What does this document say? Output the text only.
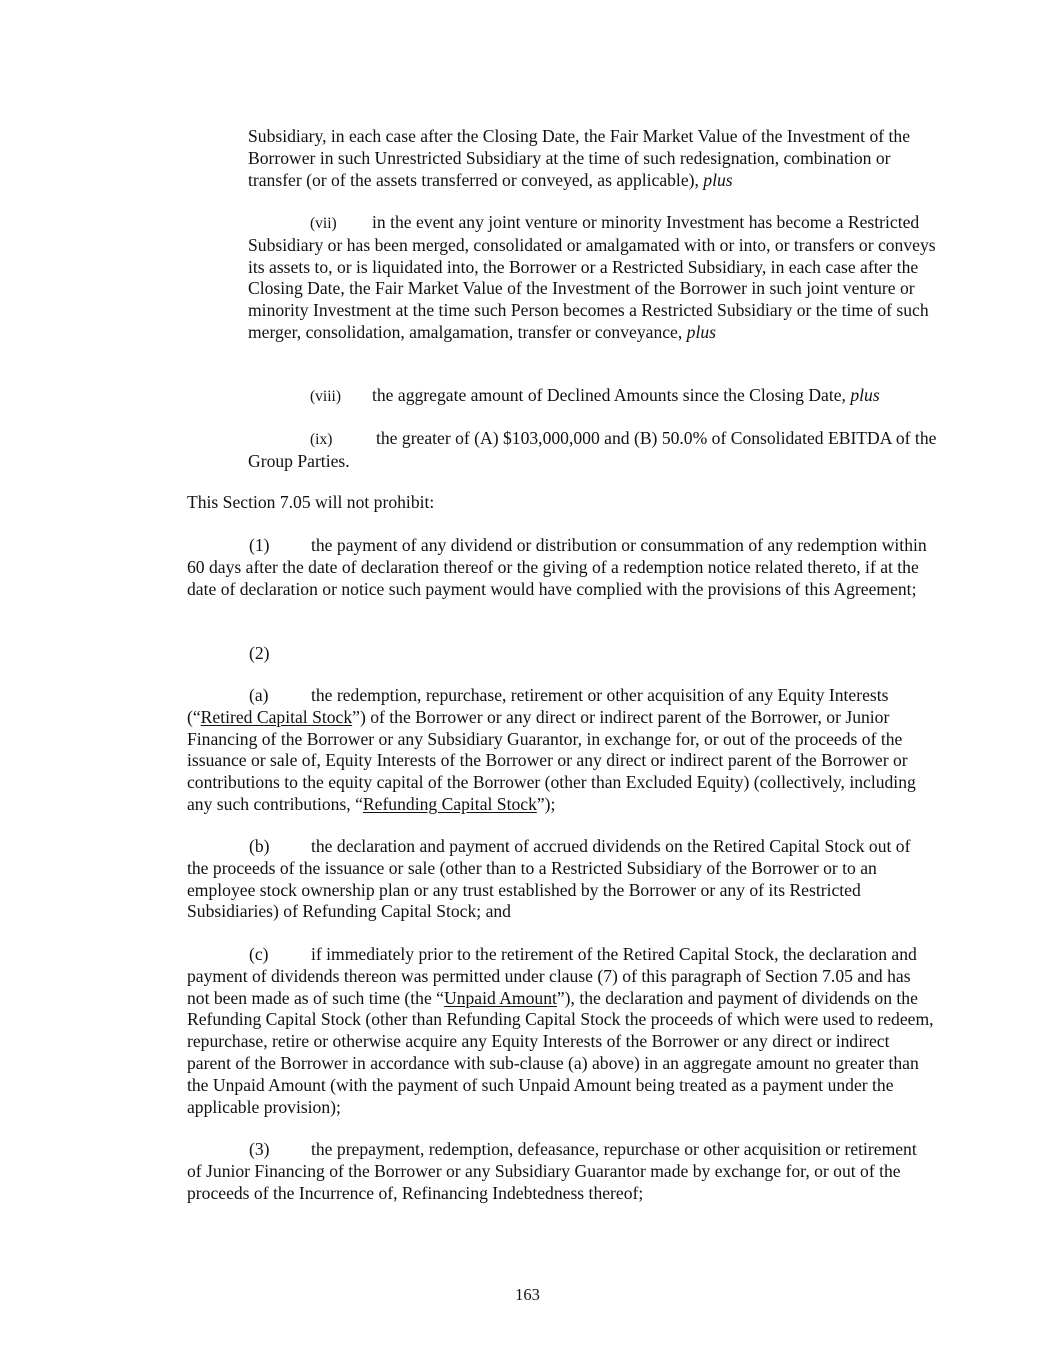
Subsidiary, in each case after the Closing Date, the Fair Market Value of the Investment of the Borrower in such Unrestricted Subsidiary at the time of such redesignation, combination or transfer (or of the assets transferred or conveyed, as applicable), plus

(vii) in the event any joint venture or minority Investment has become a Restricted Subsidiary or has been merged, consolidated or amalgamated with or into, or transfers or conveys its assets to, or is liquidated into, the Borrower or a Restricted Subsidiary, in each case after the Closing Date, the Fair Market Value of the Investment of the Borrower in such joint venture or minority Investment at the time such Person becomes a Restricted Subsidiary or the time of such merger, consolidation, amalgamation, transfer or conveyance, plus

(viii) the aggregate amount of Declined Amounts since the Closing Date, plus

(ix) the greater of (A) $103,000,000 and (B) 50.0% of Consolidated EBITDA of the Group Parties.

This Section 7.05 will not prohibit:

(1) the payment of any dividend or distribution or consummation of any redemption within 60 days after the date of declaration thereof or the giving of a redemption notice related thereto, if at the date of declaration or notice such payment would have complied with the provisions of this Agreement;

(2)

(a) the redemption, repurchase, retirement or other acquisition of any Equity Interests (“Retired Capital Stock”) of the Borrower or any direct or indirect parent of the Borrower, or Junior Financing of the Borrower or any Subsidiary Guarantor, in exchange for, or out of the proceeds of the issuance or sale of, Equity Interests of the Borrower or any direct or indirect parent of the Borrower or contributions to the equity capital of the Borrower (other than Excluded Equity) (collectively, including any such contributions, “Refunding Capital Stock”);

(b) the declaration and payment of accrued dividends on the Retired Capital Stock out of the proceeds of the issuance or sale (other than to a Restricted Subsidiary of the Borrower or to an employee stock ownership plan or any trust established by the Borrower or any of its Restricted Subsidiaries) of Refunding Capital Stock; and

(c) if immediately prior to the retirement of the Retired Capital Stock, the declaration and payment of dividends thereon was permitted under clause (7) of this paragraph of Section 7.05 and has not been made as of such time (the “Unpaid Amount”), the declaration and payment of dividends on the Refunding Capital Stock (other than Refunding Capital Stock the proceeds of which were used to redeem, repurchase, retire or otherwise acquire any Equity Interests of the Borrower or any direct or indirect parent of the Borrower in accordance with sub-clause (a) above) in an aggregate amount no greater than the Unpaid Amount (with the payment of such Unpaid Amount being treated as a payment under the applicable provision);

(3) the prepayment, redemption, defeasance, repurchase or other acquisition or retirement of Junior Financing of the Borrower or any Subsidiary Guarantor made by exchange for, or out of the proceeds of the Incurrence of, Refinancing Indebtedness thereof;

163
